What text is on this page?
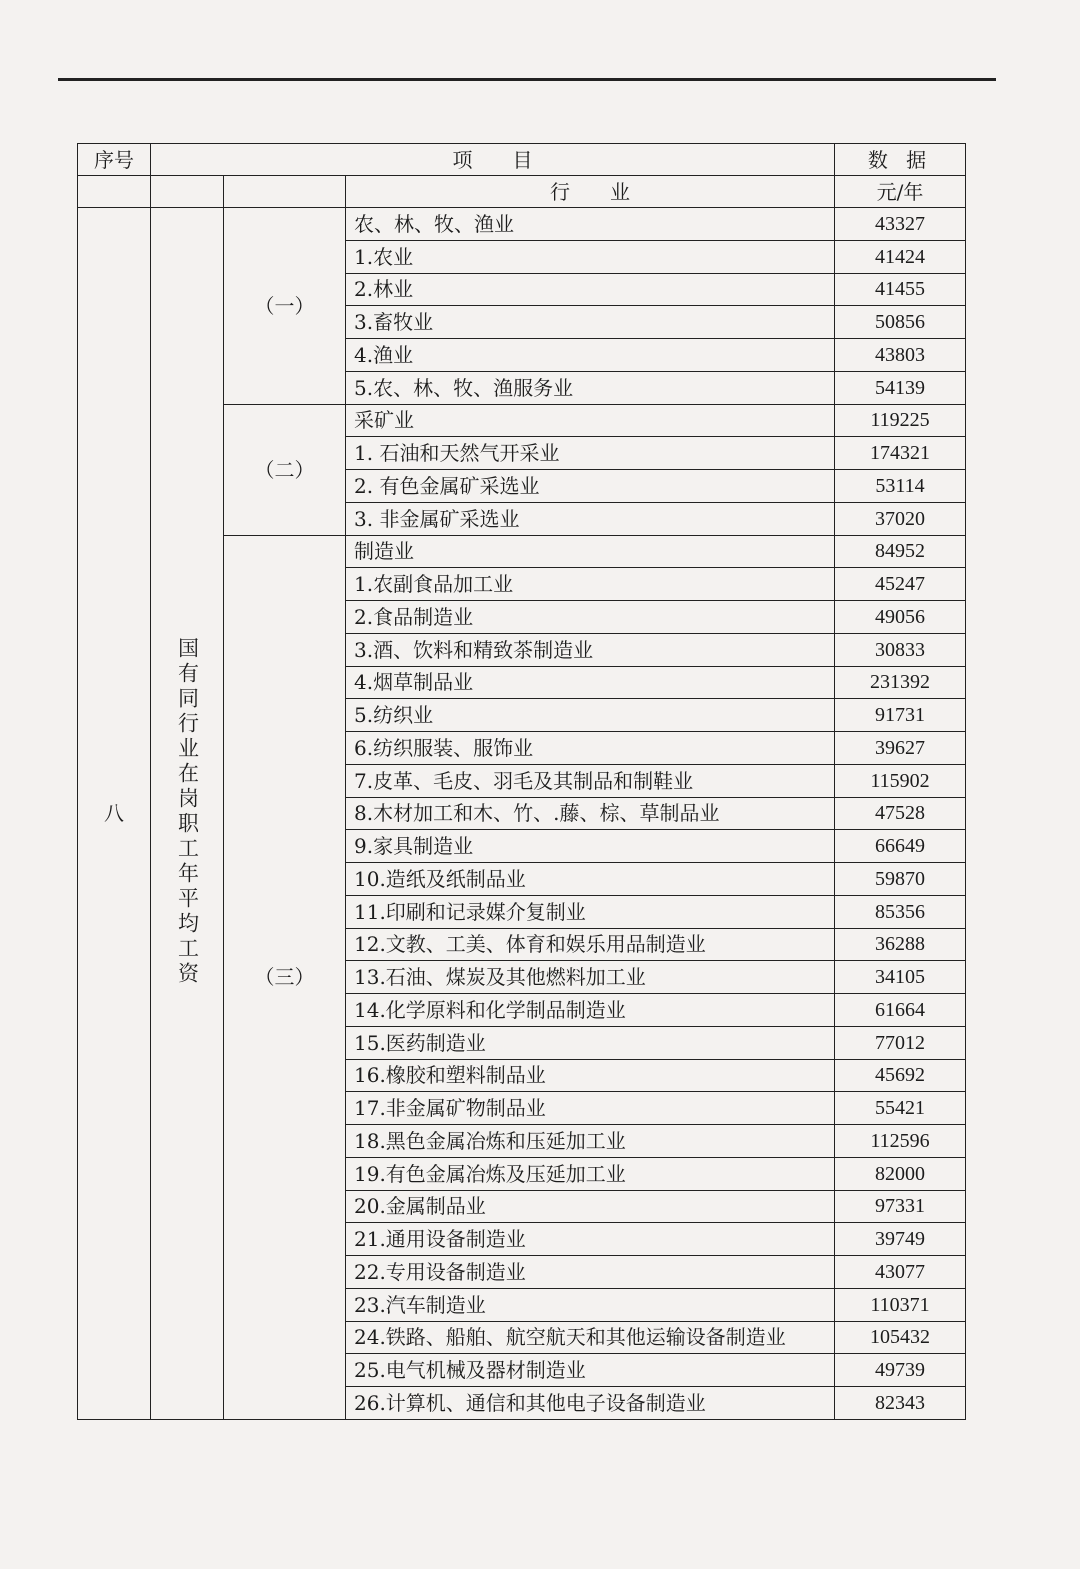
序号	项　　目			数 据
			行　　业	元/年
八	国有同行业在岗职工年平均工资	（一）	农、林、牧、渔业	43327
			1.农业	41424
			2.林业	41455
			3.畜牧业	50856
			4.渔业	43803
			5.农、林、牧、渔服务业	54139
		（二）	采矿业	119225
			1. 石油和天然气开采业	174321
			2. 有色金属矿采选业	53114
			3. 非金属矿采选业	37020
		（三）	制造业	84952
			1.农副食品加工业	45247
			2.食品制造业	49056
			3.酒、饮料和精致茶制造业	30833
			4.烟草制品业	231392
			5.纺织业	91731
			6.纺织服装、服饰业	39627
			7.皮革、毛皮、羽毛及其制品和制鞋业	115902
			8.木材加工和木、竹、.藤、棕、草制品业	47528
			9.家具制造业	66649
			10.造纸及纸制品业	59870
			11.印刷和记录媒介复制业	85356
			12.文教、工美、体育和娱乐用品制造业	36288
			13.石油、煤炭及其他燃料加工业	34105
			14.化学原料和化学制品制造业	61664
			15.医药制造业	77012
			16.橡胶和塑料制品业	45692
			17.非金属矿物制品业	55421
			18.黑色金属冶炼和压延加工业	112596
			19.有色金属冶炼及压延加工业	82000
			20.金属制品业	97331
			21.通用设备制造业	39749
			22.专用设备制造业	43077
			23.汽车制造业	110371
			24.铁路、船舶、航空航天和其他运输设备制造业	105432
			25.电气机械及器材制造业	49739
			26.计算机、通信和其他电子设备制造业	82343
